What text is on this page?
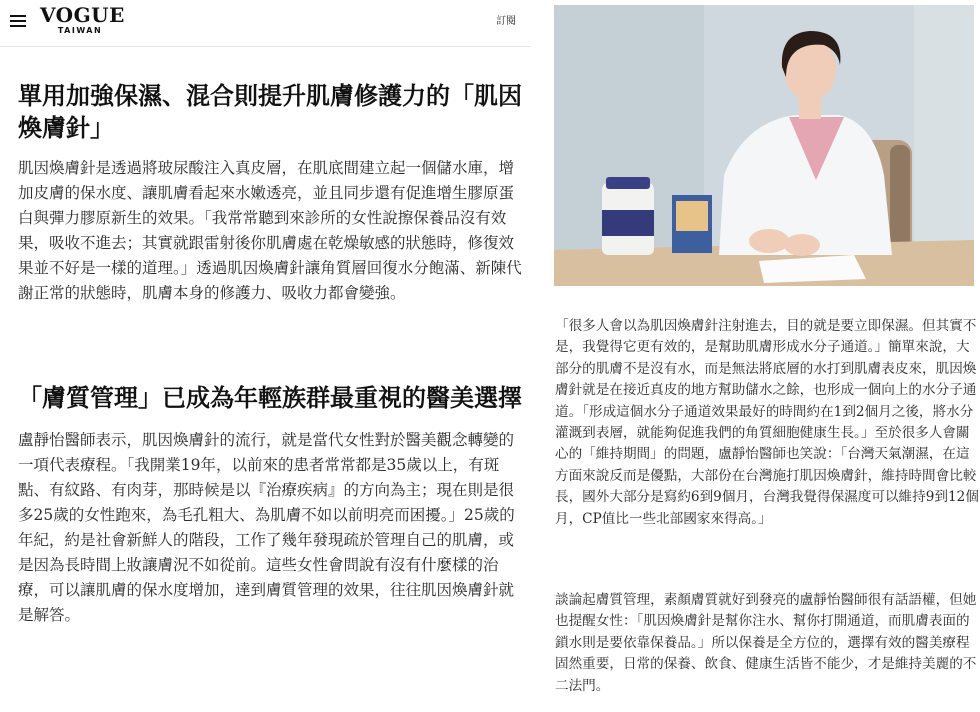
VOGUE
TAIWAN
訂閱
單用加強保濕、混合則提升肌膚修護力的「肌因煥膚針」

肌因煥膚針是透過將玻尿酸注入真皮層，在肌底間建立起一個儲水庫，增加皮膚的保水度、讓肌膚看起來水嫩透亮，並且同步還有促進增生膠原蛋白與彈力膠原新生的效果。「我常常聽到來診所的女性說擦保養品沒有效果，吸收不進去；其實就跟雷射後你肌膚處在乾燥敏感的狀態時，修復效果並不好是一樣的道理。」透過肌因煥膚針讓角質層回復水分飽滿、新陳代謝正常的狀態時，肌膚本身的修護力、吸收力都會變強。

「膚質管理」已成為年輕族群最重視的醫美選擇

盧靜怡醫師表示，肌因煥膚針的流行，就是當代女性對於醫美觀念轉變的一項代表療程。「我開業19年，以前來的患者常常都是35歲以上，有斑點、有紋路、有肉芽，那時候是以『治療疾病』的方向為主；現在則是很多25歲的女性跑來，為毛孔粗大、為肌膚不如以前明亮而困擾。」25歲的年紀，約是社會新鮮人的階段，工作了幾年發現疏於管理自己的肌膚，或是因為長時間上妝讓膚況不如從前。這些女性會問說有沒有什麼樣的治療，可以讓肌膚的保水度增加，達到膚質管理的效果，往往肌因煥膚針就是解答。

「很多人會以為肌因煥膚針注射進去，目的就是要立即保濕。但其實不是，我覺得它更有效的，是幫助肌膚形成水分子通道。」簡單來說，大部分的肌膚不是沒有水，而是無法將底層的水打到肌膚表皮來，肌因煥膚針就是在接近真皮的地方幫助儲水之餘，也形成一個向上的水分子通道。「形成這個水分子通道效果最好的時間約在1到2個月之後，將水分灌溉到表層，就能夠促進我們的角質細胞健康生長。」至於很多人會關心的「維持期間」的問題，盧靜怡醫師也笑說：「台灣天氣潮濕，在這方面來說反而是優點，大部份在台灣施打肌因煥膚針，維持時間會比較長，國外大部分是寫約6到9個月，台灣我覺得保濕度可以維持9到12個月，CP值比一些北部國家來得高。」

談論起膚質管理，素顏膚質就好到發亮的盧靜怡醫師很有話語權，但她也提醒女性：「肌因煥膚針是幫你注水、幫你打開通道，而肌膚表面的鎖水則是要依靠保養品。」所以保養是全方位的，選擇有效的醫美療程固然重要，日常的保養、飲食、健康生活皆不能少，才是維持美麗的不二法門。
